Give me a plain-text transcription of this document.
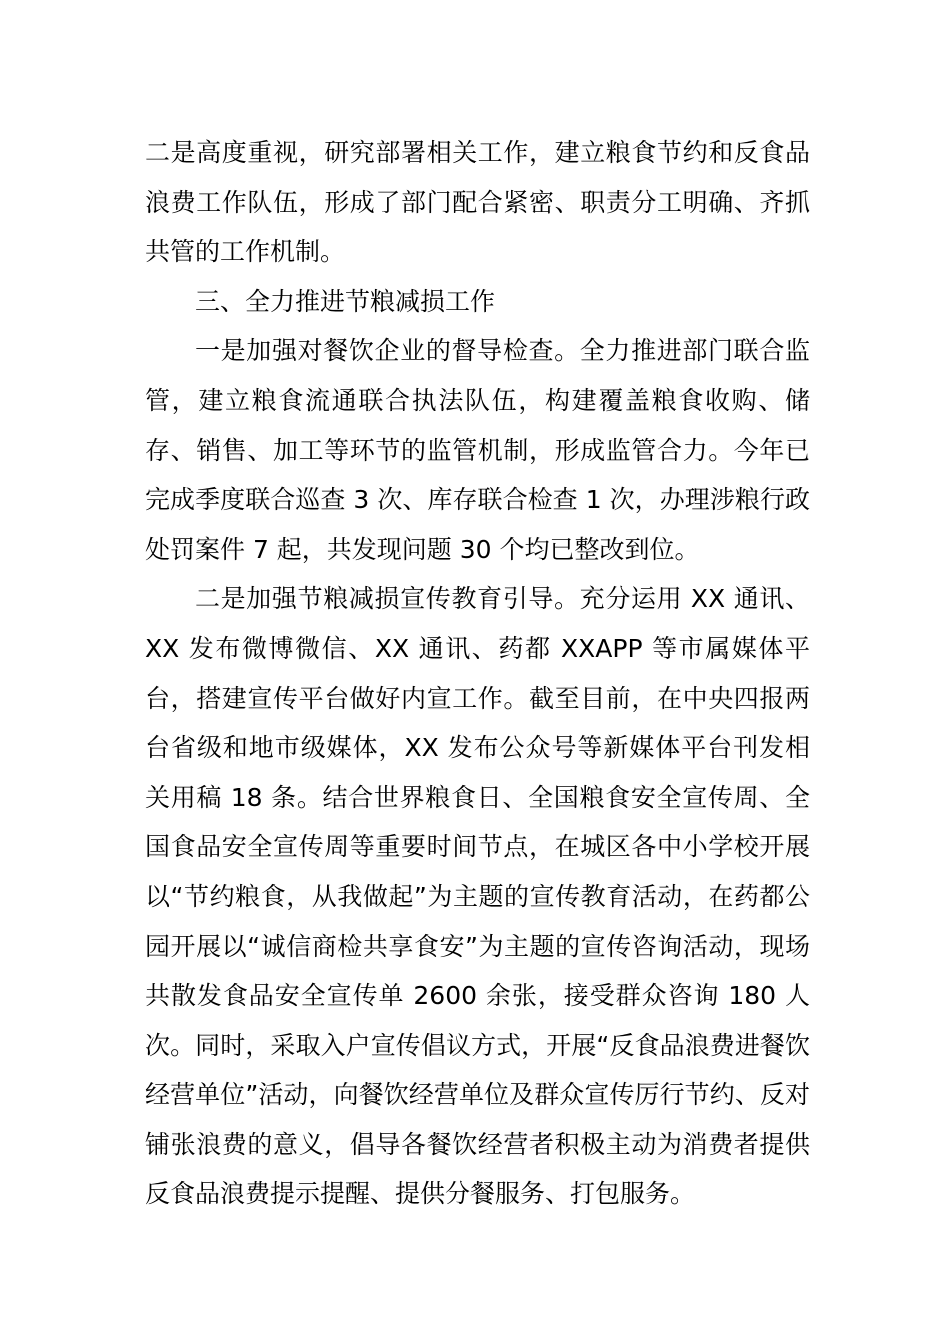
二是高度重视，研究部署相关工作，建立粮食节约和反食品浪费工作队伍，形成了部门配合紧密、职责分工明确、齐抓共管的工作机制。

三、全力推进节粮减损工作

一是加强对餐饮企业的督导检查。全力推进部门联合监管，建立粮食流通联合执法队伍，构建覆盖粮食收购、储存、销售、加工等环节的监管机制，形成监管合力。今年已完成季度联合巡查 3 次、库存联合检查 1 次，办理涉粮行政处罚案件 7 起，共发现问题 30 个均已整改到位。

二是加强节粮减损宣传教育引导。充分运用 XX 通讯、XX 发布微博微信、XX 通讯、药都 XXAPP 等市属媒体平台，搭建宣传平台做好内宣工作。截至目前，在中央四报两台省级和地市级媒体，XX 发布公众号等新媒体平台刊发相关用稿 18 条。结合世界粮食日、全国粮食安全宣传周、全国食品安全宣传周等重要时间节点，在城区各中小学校开展以“节约粮食，从我做起”为主题的宣传教育活动，在药都公园开展以“诚信商检共享食安”为主题的宣传咨询活动，现场共散发食品安全宣传单 2600 余张，接受群众咨询 180 人次。同时，采取入户宣传倡议方式，开展“反食品浪费进餐饮经营单位”活动，向餐饮经营单位及群众宣传厉行节约、反对铺张浪费的意义，倡导各餐饮经营者积极主动为消费者提供反食品浪费提示提醒、提供分餐服务、打包服务。
